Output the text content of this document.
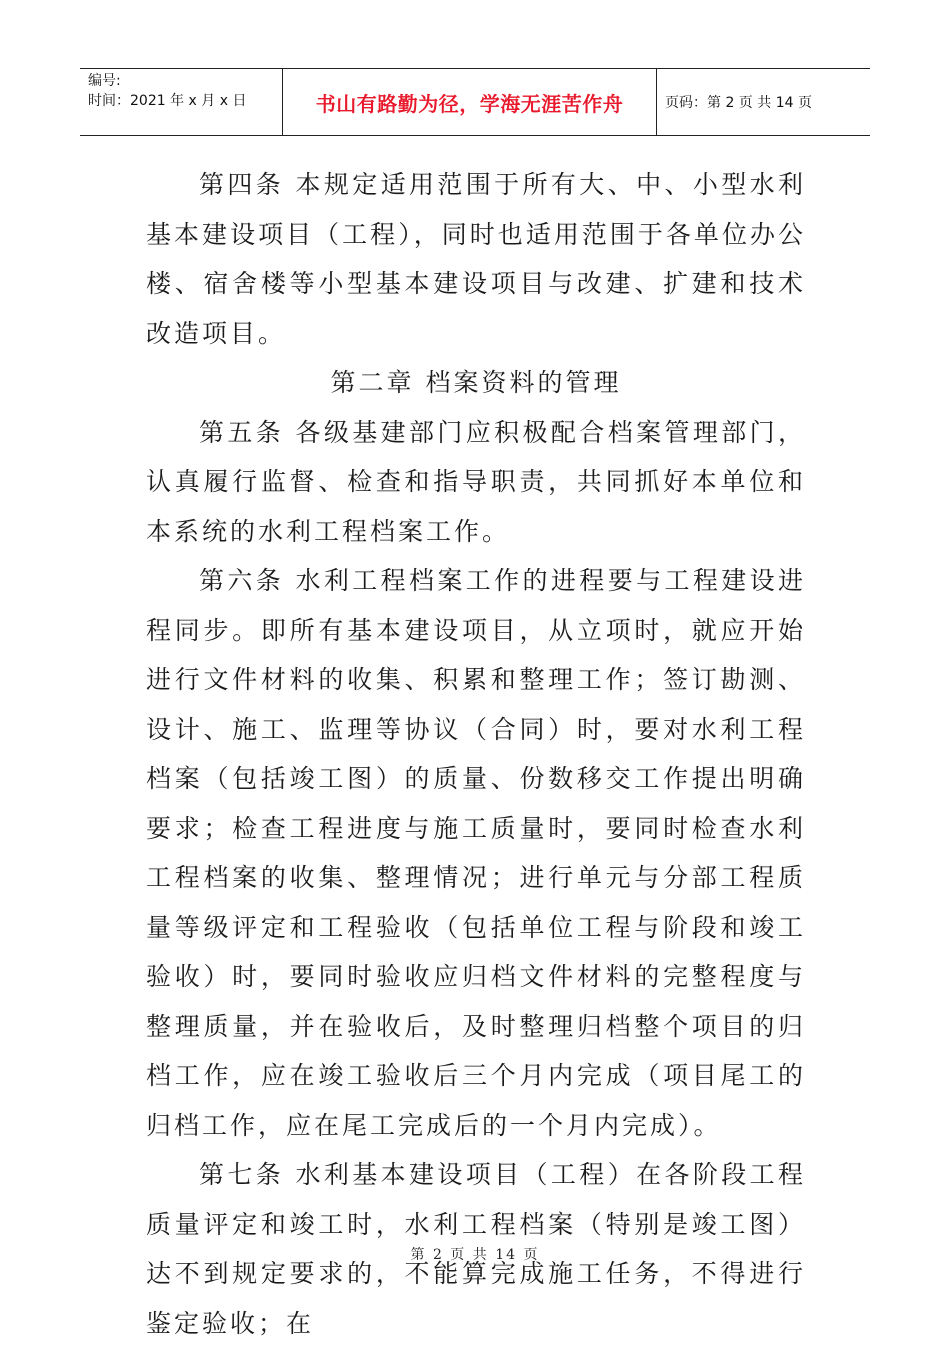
编号:
时间：2021 年 x 月 x 日	书山有路勤为径，学海无涯苦作舟	页码：第 2 页 共 14 页

第四条 本规定适用范围于所有大、中、小型水利基本建设项目（工程），同时也适用范围于各单位办公楼、宿舍楼等小型基本建设项目与改建、扩建和技术改造项目。

第二章 档案资料的管理

第五条 各级基建部门应积极配合档案管理部门，认真履行监督、检查和指导职责，共同抓好本单位和本系统的水利工程档案工作。

第六条 水利工程档案工作的进程要与工程建设进程同步。即所有基本建设项目，从立项时，就应开始进行文件材料的收集、积累和整理工作；签订勘测、设计、施工、监理等协议（合同）时，要对水利工程档案（包括竣工图）的质量、份数移交工作提出明确要求；检查工程进度与施工质量时，要同时检查水利工程档案的收集、整理情况；进行单元与分部工程质量等级评定和工程验收（包括单位工程与阶段和竣工验收）时，要同时验收应归档文件材料的完整程度与整理质量，并在验收后，及时整理归档整个项目的归档工作，应在竣工验收后三个月内完成（项目尾工的归档工作，应在尾工完成后的一个月内完成）。

第七条 水利基本建设项目（工程）在各阶段工程质量评定和竣工时，水利工程档案（特别是竣工图）达不到规定要求的，不能算完成施工任务，不得进行鉴定验收；在

第 2 页 共 14 页
